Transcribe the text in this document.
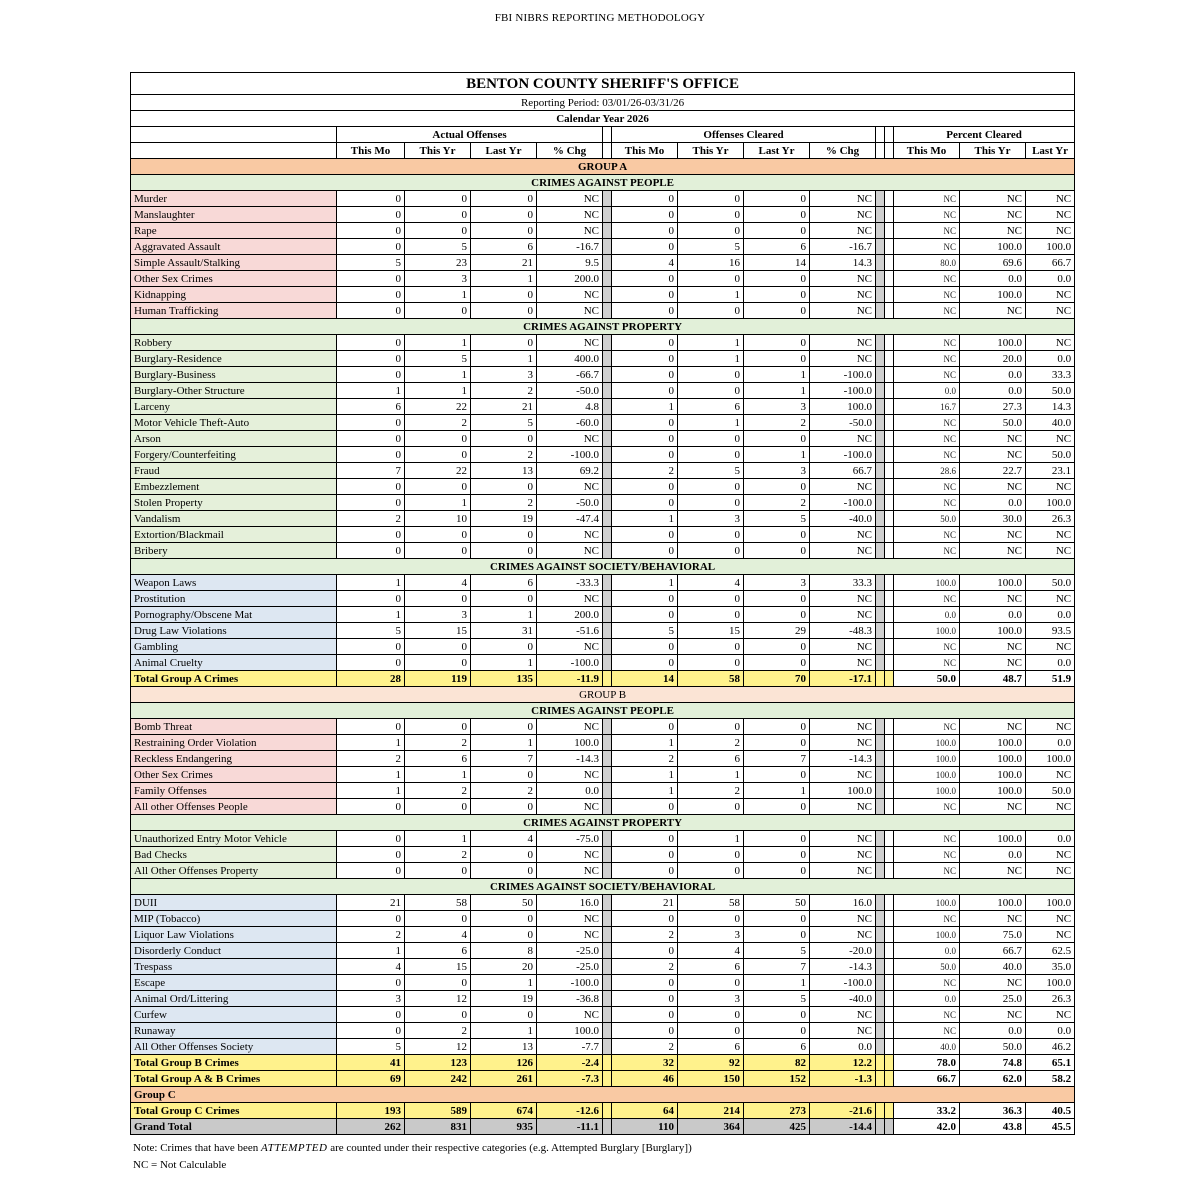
FBI NIBRS REPORTING METHODOLOGY
BENTON COUNTY SHERIFF'S OFFICE														
Reporting Period: 03/01/26-03/31/26														
Calendar Year 2026														
	Actual Offenses					Offenses Cleared						Percent Cleared		
	This Mo	This Yr	Last Yr	% Chg		This Mo	This Yr	Last Yr	% Chg			This Mo	This Yr	Last Yr
GROUP A														
CRIMES AGAINST PEOPLE														
Murder	0	0	0	NC		0	0	0	NC			NC	NC	NC
Manslaughter	0	0	0	NC		0	0	0	NC			NC	NC	NC
Rape	0	0	0	NC		0	0	0	NC			NC	NC	NC
Aggravated Assault	0	5	6	-16.7		0	5	6	-16.7			NC	100.0	100.0
Simple Assault/Stalking	5	23	21	9.5		4	16	14	14.3			80.0	69.6	66.7
Other Sex Crimes	0	3	1	200.0		0	0	0	NC			NC	0.0	0.0
Kidnapping	0	1	0	NC		0	1	0	NC			NC	100.0	NC
Human Trafficking	0	0	0	NC		0	0	0	NC			NC	NC	NC
CRIMES AGAINST PROPERTY														
Robbery	0	1	0	NC		0	1	0	NC			NC	100.0	NC
Burglary-Residence	0	5	1	400.0		0	1	0	NC			NC	20.0	0.0
Burglary-Business	0	1	3	-66.7		0	0	1	-100.0			NC	0.0	33.3
Burglary-Other Structure	1	1	2	-50.0		0	0	1	-100.0			0.0	0.0	50.0
Larceny	6	22	21	4.8		1	6	3	100.0			16.7	27.3	14.3
Motor Vehicle Theft-Auto	0	2	5	-60.0		0	1	2	-50.0			NC	50.0	40.0
Arson	0	0	0	NC		0	0	0	NC			NC	NC	NC
Forgery/Counterfeiting	0	0	2	-100.0		0	0	1	-100.0			NC	NC	50.0
Fraud	7	22	13	69.2		2	5	3	66.7			28.6	22.7	23.1
Embezzlement	0	0	0	NC		0	0	0	NC			NC	NC	NC
Stolen Property	0	1	2	-50.0		0	0	2	-100.0			NC	0.0	100.0
Vandalism	2	10	19	-47.4		1	3	5	-40.0			50.0	30.0	26.3
Extortion/Blackmail	0	0	0	NC		0	0	0	NC			NC	NC	NC
Bribery	0	0	0	NC		0	0	0	NC			NC	NC	NC
CRIMES AGAINST SOCIETY/BEHAVIORAL														
Weapon Laws	1	4	6	-33.3		1	4	3	33.3			100.0	100.0	50.0
Prostitution	0	0	0	NC		0	0	0	NC			NC	NC	NC
Pornography/Obscene Mat	1	3	1	200.0		0	0	0	NC			0.0	0.0	0.0
Drug Law Violations	5	15	31	-51.6		5	15	29	-48.3			100.0	100.0	93.5
Gambling	0	0	0	NC		0	0	0	NC			NC	NC	NC
Animal Cruelty	0	0	1	-100.0		0	0	0	NC			NC	NC	0.0
Total Group A Crimes	28	119	135	-11.9		14	58	70	-17.1			50.0	48.7	51.9
GROUP B														
CRIMES AGAINST PEOPLE														
Bomb Threat	0	0	0	NC		0	0	0	NC			NC	NC	NC
Restraining Order Violation	1	2	1	100.0		1	2	0	NC			100.0	100.0	0.0
Reckless Endangering	2	6	7	-14.3		2	6	7	-14.3			100.0	100.0	100.0
Other Sex Crimes	1	1	0	NC		1	1	0	NC			100.0	100.0	NC
Family Offenses	1	2	2	0.0		1	2	1	100.0			100.0	100.0	50.0
All other Offenses People	0	0	0	NC		0	0	0	NC			NC	NC	NC
CRIMES AGAINST PROPERTY														
Unauthorized Entry Motor Vehicle	0	1	4	-75.0		0	1	0	NC			NC	100.0	0.0
Bad Checks	0	2	0	NC		0	0	0	NC			NC	0.0	NC
All Other Offenses Property	0	0	0	NC		0	0	0	NC			NC	NC	NC
CRIMES AGAINST SOCIETY/BEHAVIORAL														
DUII	21	58	50	16.0		21	58	50	16.0			100.0	100.0	100.0
MIP (Tobacco)	0	0	0	NC		0	0	0	NC			NC	NC	NC
Liquor Law Violations	2	4	0	NC		2	3	0	NC			100.0	75.0	NC
Disorderly Conduct	1	6	8	-25.0		0	4	5	-20.0			0.0	66.7	62.5
Trespass	4	15	20	-25.0		2	6	7	-14.3			50.0	40.0	35.0
Escape	0	0	1	-100.0		0	0	1	-100.0			NC	NC	100.0
Animal Ord/Littering	3	12	19	-36.8		0	3	5	-40.0			0.0	25.0	26.3
Curfew	0	0	0	NC		0	0	0	NC			NC	NC	NC
Runaway	0	2	1	100.0		0	0	0	NC			NC	0.0	0.0
All Other Offenses Society	5	12	13	-7.7		2	6	6	0.0			40.0	50.0	46.2
Total Group B Crimes	41	123	126	-2.4		32	92	82	12.2			78.0	74.8	65.1
Total Group A & B Crimes	69	242	261	-7.3		46	150	152	-1.3			66.7	62.0	58.2
Group C														
Total Group C Crimes	193	589	674	-12.6		64	214	273	-21.6			33.2	36.3	40.5
Grand Total	262	831	935	-11.1		110	364	425	-14.4			42.0	43.8	45.5
Note: Crimes that have been ATTEMPTED are counted under their respective categories (e.g. Attempted Burglary [Burglary])
NC = Not Calculable
